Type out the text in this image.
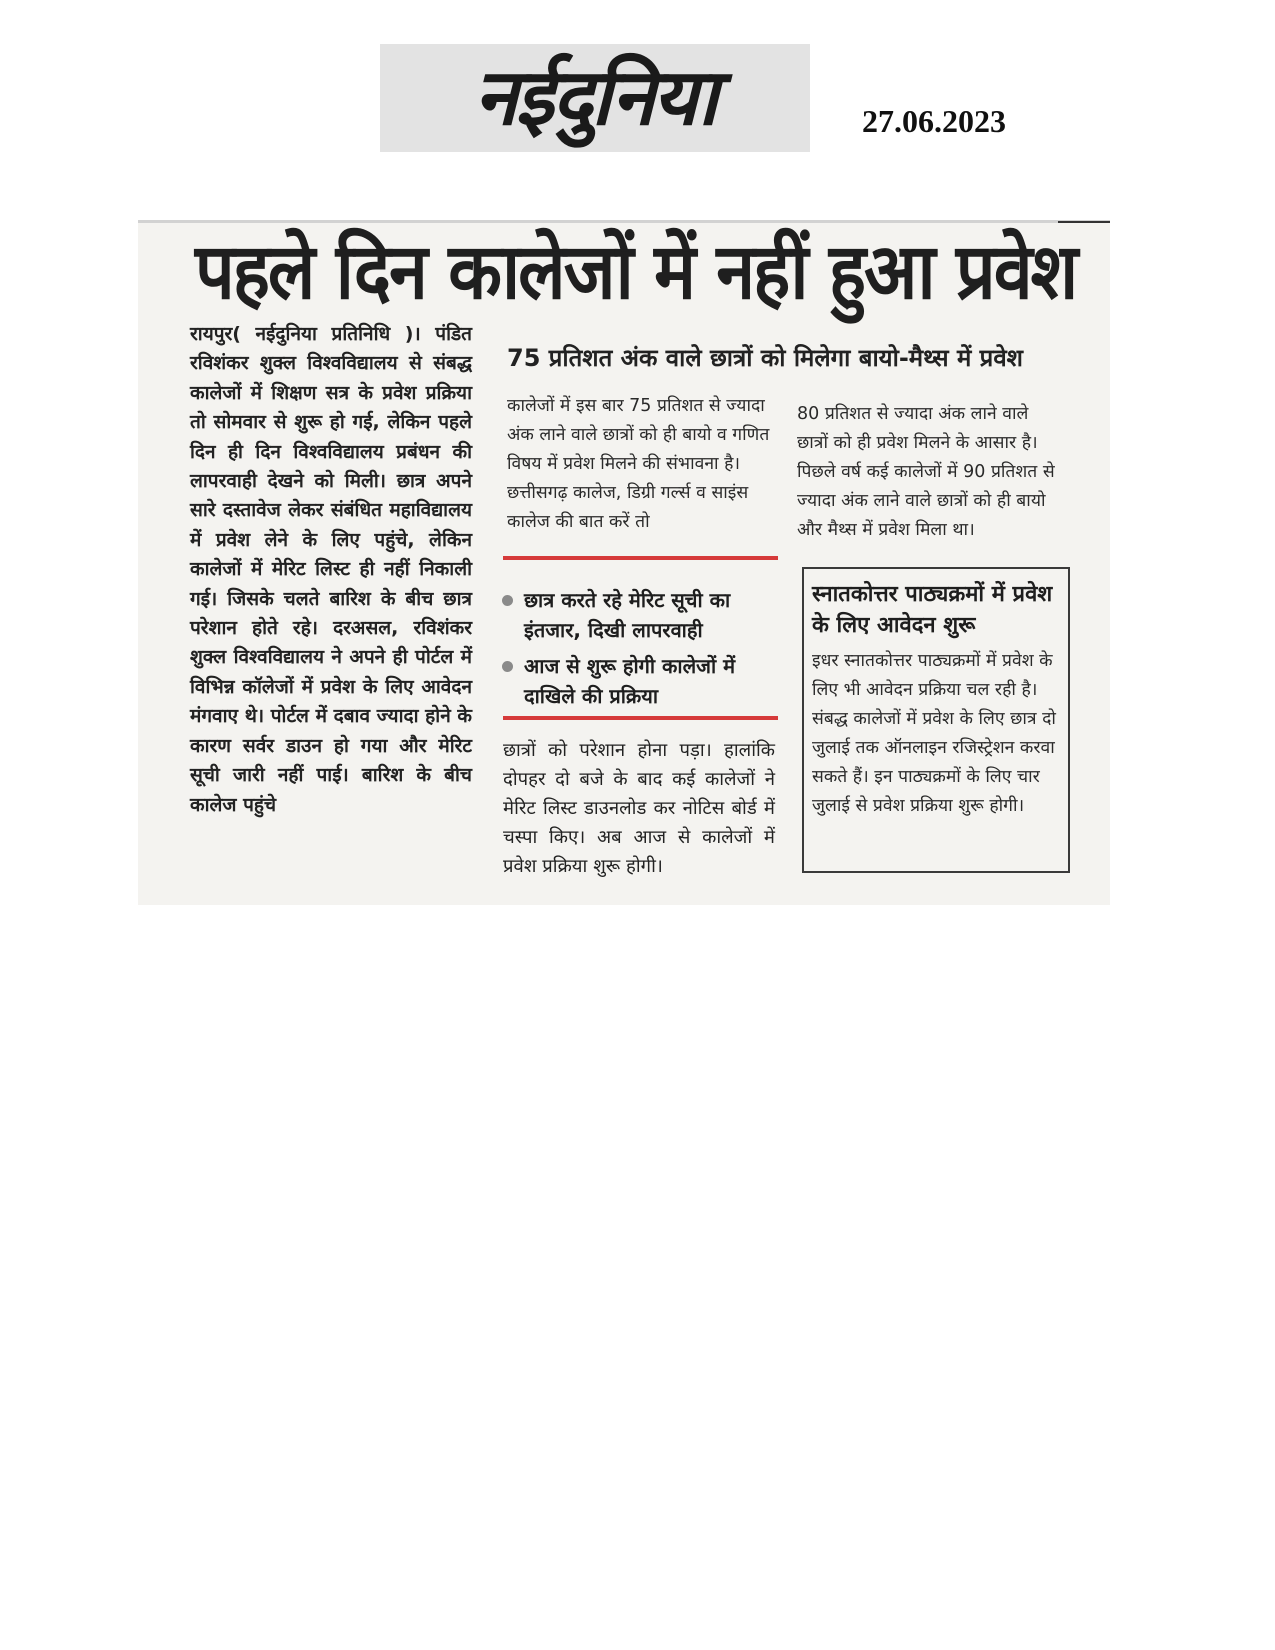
नईदुनिया	27.06.2023
पहले दिन कालेजों में नहीं हुआ प्रवेश
रायपुर( नईदुनिया प्रतिनिधि )। पंडित रविशंकर शुक्ल विश्वविद्यालय से संबद्ध कालेजों में शिक्षण सत्र के प्रवेश प्रक्रिया तो सोमवार से शुरू हो गई, लेकिन पहले दिन ही दिन विश्वविद्यालय प्रबंधन की लापरवाही देखने को मिली। छात्र अपने सारे दस्तावेज लेकर संबंधित महाविद्यालय में प्रवेश लेने के लिए पहुंचे, लेकिन कालेजों में मेरिट लिस्ट ही नहीं निकाली गई। जिसके चलते बारिश के बीच छात्र परेशान होते रहे। दरअसल, रविशंकर शुक्ल विश्वविद्यालय ने अपने ही पोर्टल में विभिन्न कॉलेजों में प्रवेश के लिए आवेदन मंगवाए थे। पोर्टल में दबाव ज्यादा होने के कारण सर्वर डाउन हो गया और मेरिट सूची जारी नहीं पाई। बारिश के बीच कालेज पहुंचे
75 प्रतिशत अंक वाले छात्रों को मिलेगा बायो-मैथ्स में प्रवेश
कालेजों में इस बार 75 प्रतिशत से ज्यादा अंक लाने वाले छात्रों को ही बायो व गणित विषय में प्रवेश मिलने की संभावना है। छत्तीसगढ़ कालेज, डिग्री गर्ल्स व साइंस कालेज की बात करें तो
80 प्रतिशत से ज्यादा अंक लाने वाले छात्रों को ही प्रवेश मिलने के आसार है। पिछले वर्ष कई कालेजों में 90 प्रतिशत से ज्यादा अंक लाने वाले छात्रों को ही बायो और मैथ्स में प्रवेश मिला था।
छात्र करते रहे मेरिट सूची का इंतजार, दिखी लापरवाही
आज से शुरू होगी कालेजों में दाखिले की प्रक्रिया
छात्रों को परेशान होना पड़ा। हालांकि दोपहर दो बजे के बाद कई कालेजों ने मेरिट लिस्ट डाउनलोड कर नोटिस बोर्ड में चस्पा किए। अब आज से कालेजों में प्रवेश प्रक्रिया शुरू होगी।
स्नातकोत्तर पाठ्यक्रमों में प्रवेश के लिए आवेदन शुरू
इधर स्नातकोत्तर पाठ्यक्रमों में प्रवेश के लिए भी आवेदन प्रक्रिया चल रही है। संबद्ध कालेजों में प्रवेश के लिए छात्र दो जुलाई तक ऑनलाइन रजिस्ट्रेशन करवा सकते हैं। इन पाठ्यक्रमों के लिए चार जुलाई से प्रवेश प्रक्रिया शुरू होगी।
